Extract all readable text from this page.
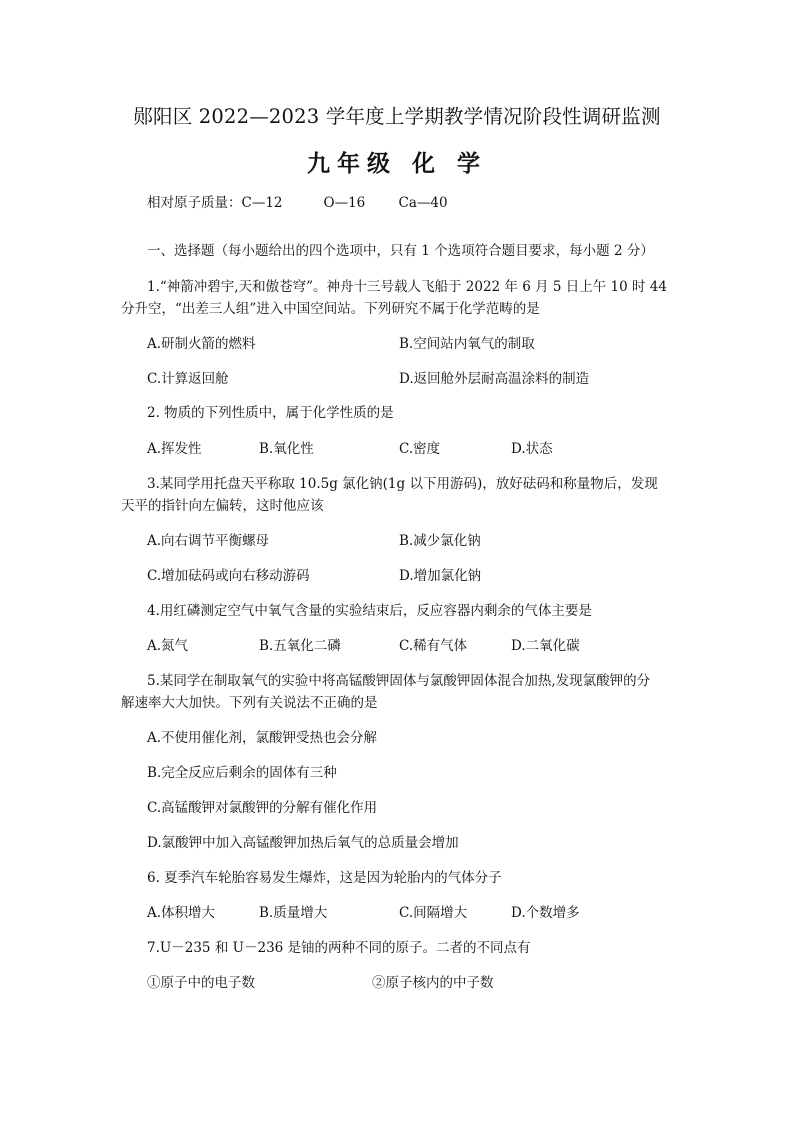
郧阳区 2022—2023 学年度上学期教学情况阶段性调研监测
九年级 化 学
相对原子质量：C—12	O—16 Ca—40
一、选择题（每小题给出的四个选项中，只有 1 个选项符合题目要求，每小题 2 分）
1.“神箭冲碧宇,天和傲苍穹”。神舟十三号载人飞船于 2022 年 6 月 5 日上午 10 时 44
分升空，“出差三人组”进入中国空间站。下列研究不属于化学范畴的是
A.研制火箭的燃料	B.空间站内氧气的制取
C.计算返回舱	D.返回舱外层耐高温涂料的制造
2. 物质的下列性质中，属于化学性质的是
A.挥发性	B.氧化性	C.密度	D.状态
3.某同学用托盘天平称取 10.5g 氯化钠(1g 以下用游码)，放好砝码和称量物后，发现
天平的指针向左偏转，这时他应该
A.向右调节平衡螺母	B.减少氯化钠
C.增加砝码或向右移动游码	D.增加氯化钠
4.用红磷测定空气中氧气含量的实验结束后，反应容器内剩余的气体主要是
A.氮气	B.五氧化二磷	C.稀有气体	D.二氧化碳
5.某同学在制取氧气的实验中将高锰酸钾固体与氯酸钾固体混合加热,发现氯酸钾的分
解速率大大加快。下列有关说法不正确的是
A.不使用催化剂，氯酸钾受热也会分解
B.完全反应后剩余的固体有三种
C.高锰酸钾对氯酸钾的分解有催化作用
D.氯酸钾中加入高锰酸钾加热后氧气的总质量会增加
6. 夏季汽车轮胎容易发生爆炸，这是因为轮胎内的气体分子
A.体积增大	B.质量增大	C.间隔增大	D.个数增多
7.U－235 和 U－236 是铀的两种不同的原子。二者的不同点有
①原子中的电子数	②原子核内的中子数
